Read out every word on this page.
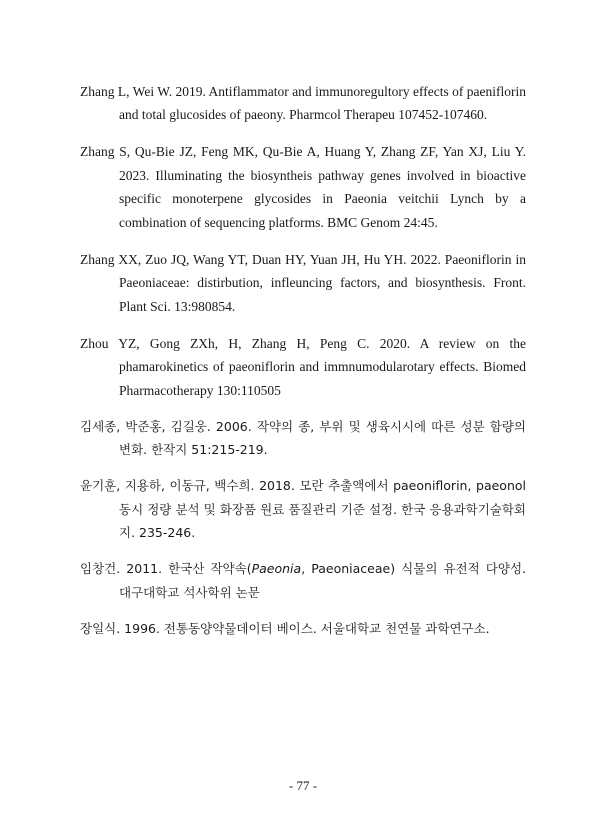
Zhang L, Wei W. 2019. Antiflammator and immunoregultory effects of paeniflorin and total glucosides of paeony. Pharmcol Therapeu 107452-107460.

Zhang S, Qu-Bie JZ, Feng MK, Qu-Bie A, Huang Y, Zhang ZF, Yan XJ, Liu Y. 2023. Illuminating the biosyntheis pathway genes involved in bioactive specific monoterpene glycosides in Paeonia veitchii Lynch by a combination of sequencing platforms. BMC Genom 24:45.

Zhang XX, Zuo JQ, Wang YT, Duan HY, Yuan JH, Hu YH. 2022. Paeoniflorin in Paeoniaceae: distirbution, infleuncing factors, and biosynthesis. Front. Plant Sci. 13:980854.

Zhou YZ, Gong ZXh, H, Zhang H, Peng C. 2020. A review on the phamarokinetics of paeoniflorin and immnumodularotary effects. Biomed Pharmacotherapy 130:110505

김세종, 박준홍, 김길웅. 2006. 작약의 종, 부위 및 생육시시에 따른 성분 함량의 변화. 한작지 51:215-219.

윤기훈, 지용하, 이동규, 백수희. 2018. 모란 추출액에서 paeoniflorin, paeonol 동시 정량 분석 및 화장품 원료 품질관리 기준 설정. 한국 응용과학기술학회지. 235-246.

임창건. 2011. 한국산 작약속(Paeonia, Paeoniaceae) 식물의 유전적 다양성. 대구대학교 석사학위 논문

장일식. 1996. 전통동양약물데이터 베이스. 서울대학교 천연물 과학연구소.

- 77 -
